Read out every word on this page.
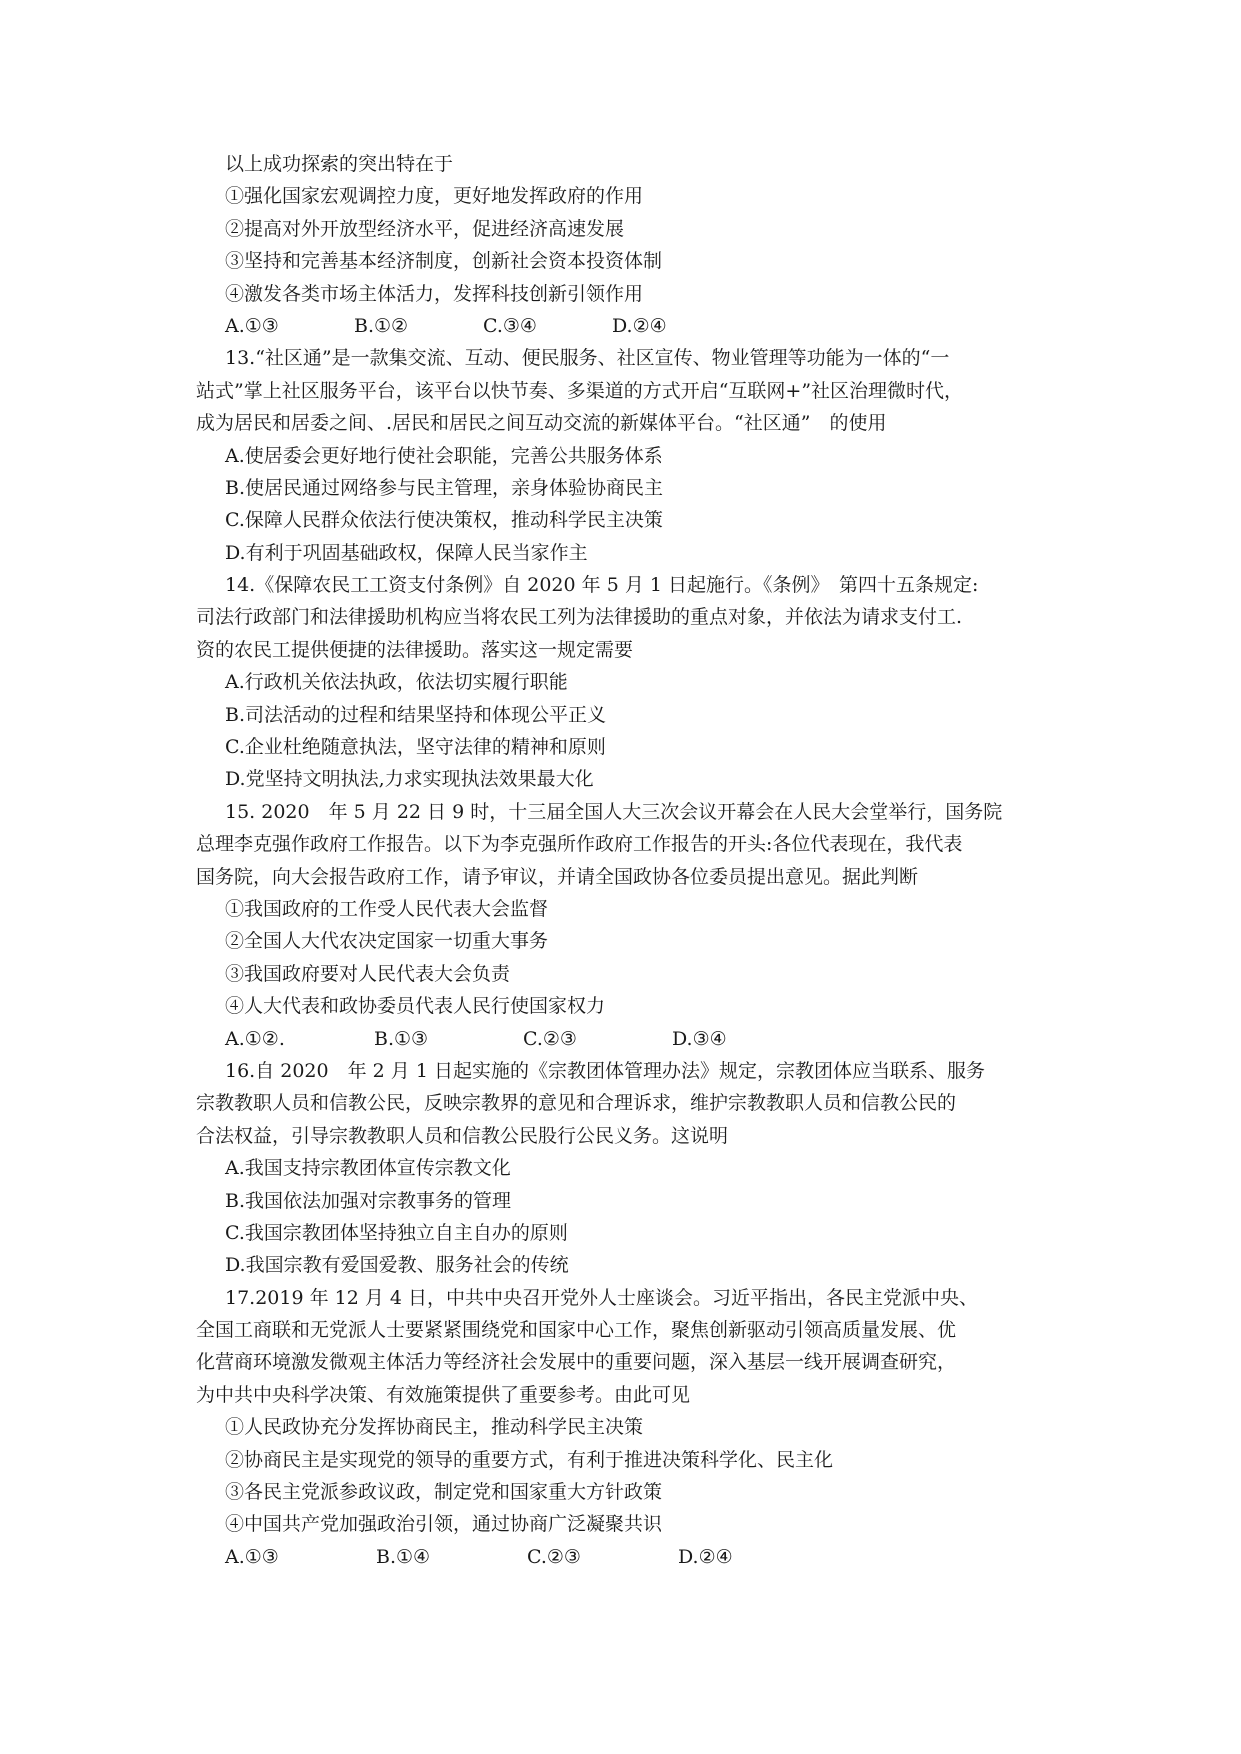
以上成功探索的突出特在于
①强化国家宏观调控力度，更好地发挥政府的作用
②提高对外开放型经济水平，促进经济高速发展
③坚持和完善基本经济制度，创新社会资本投资体制
④激发各类市场主体活力，发挥科技创新引领作用
A.①③	B.①②	C.③④	D.②④
13.“社区通”是一款集交流、互动、便民服务、社区宣传、物业管理等功能为一体的“一
站式”掌上社区服务平台，该平台以快节奏、多渠道的方式开启“互联网+”社区治理微时代，
成为居民和居委之间、.居民和居民之间互动交流的新媒体平台。“社区通”　的使用
A.使居委会更好地行使社会职能，完善公共服务体系
B.使居民通过网络参与民主管理，亲身体验协商民主
C.保障人民群众依法行使决策权，推动科学民主决策
D.有利于巩固基础政权，保障人民当家作主
14.《保障农民工工资支付条例》自 2020 年 5 月 1 日起施行。《条例》　第四十五条规定:
司法行政部门和法律援助机构应当将农民工列为法律援助的重点对象，并依法为请求支付工.
资的农民工提供便捷的法律援助。落实这一规定需要
A.行政机关依法执政，依法切实履行职能
B.司法活动的过程和结果坚持和体现公平正义
C.企业杜绝随意执法，坚守法律的精神和原则
D.党坚持文明执法,力求实现执法效果最大化
15. 2020　年 5 月 22 日 9 时，十三届全国人大三次会议开幕会在人民大会堂举行，国务院
总理李克强作政府工作报告。以下为李克强所作政府工作报告的开头:各位代表现在，我代表
国务院，向大会报告政府工作，请予审议，并请全国政协各位委员提出意见。据此判断
①我国政府的工作受人民代表大会监督
②全国人大代农决定国家一切重大事务
③我国政府要对人民代表大会负责
④人大代表和政协委员代表人民行使国家权力
A.①②.	B.①③	C.②③	D.③④
16.自 2020　年 2 月 1 日起实施的《宗教团体管理办法》规定，宗教团体应当联系、服务
宗教教职人员和信教公民，反映宗教界的意见和合理诉求，维护宗教教职人员和信教公民的
合法权益，引导宗教教职人员和信教公民股行公民义务。这说明
A.我国支持宗教团体宣传宗教文化
B.我国依法加强对宗教事务的管理
C.我国宗教团体坚持独立自主自办的原则
D.我国宗教有爱国爱教、服务社会的传统
17.2019 年 12 月 4 日，中共中央召开党外人士座谈会。习近平指出，各民主党派中央、
全国工商联和无党派人士要紧紧围绕党和国家中心工作，聚焦创新驱动引领高质量发展、优
化营商环境激发微观主体活力等经济社会发展中的重要问题，深入基层一线开展调查研究，
为中共中央科学决策、有效施策提供了重要参考。由此可见
①人民政协充分发挥协商民主，推动科学民主决策
②协商民主是实现党的领导的重要方式，有利于推进决策科学化、民主化
③各民主党派参政议政，制定党和国家重大方针政策
④中国共产党加强政治引领，通过协商广泛凝聚共识
A.①③	B.①④	C.②③	D.②④
